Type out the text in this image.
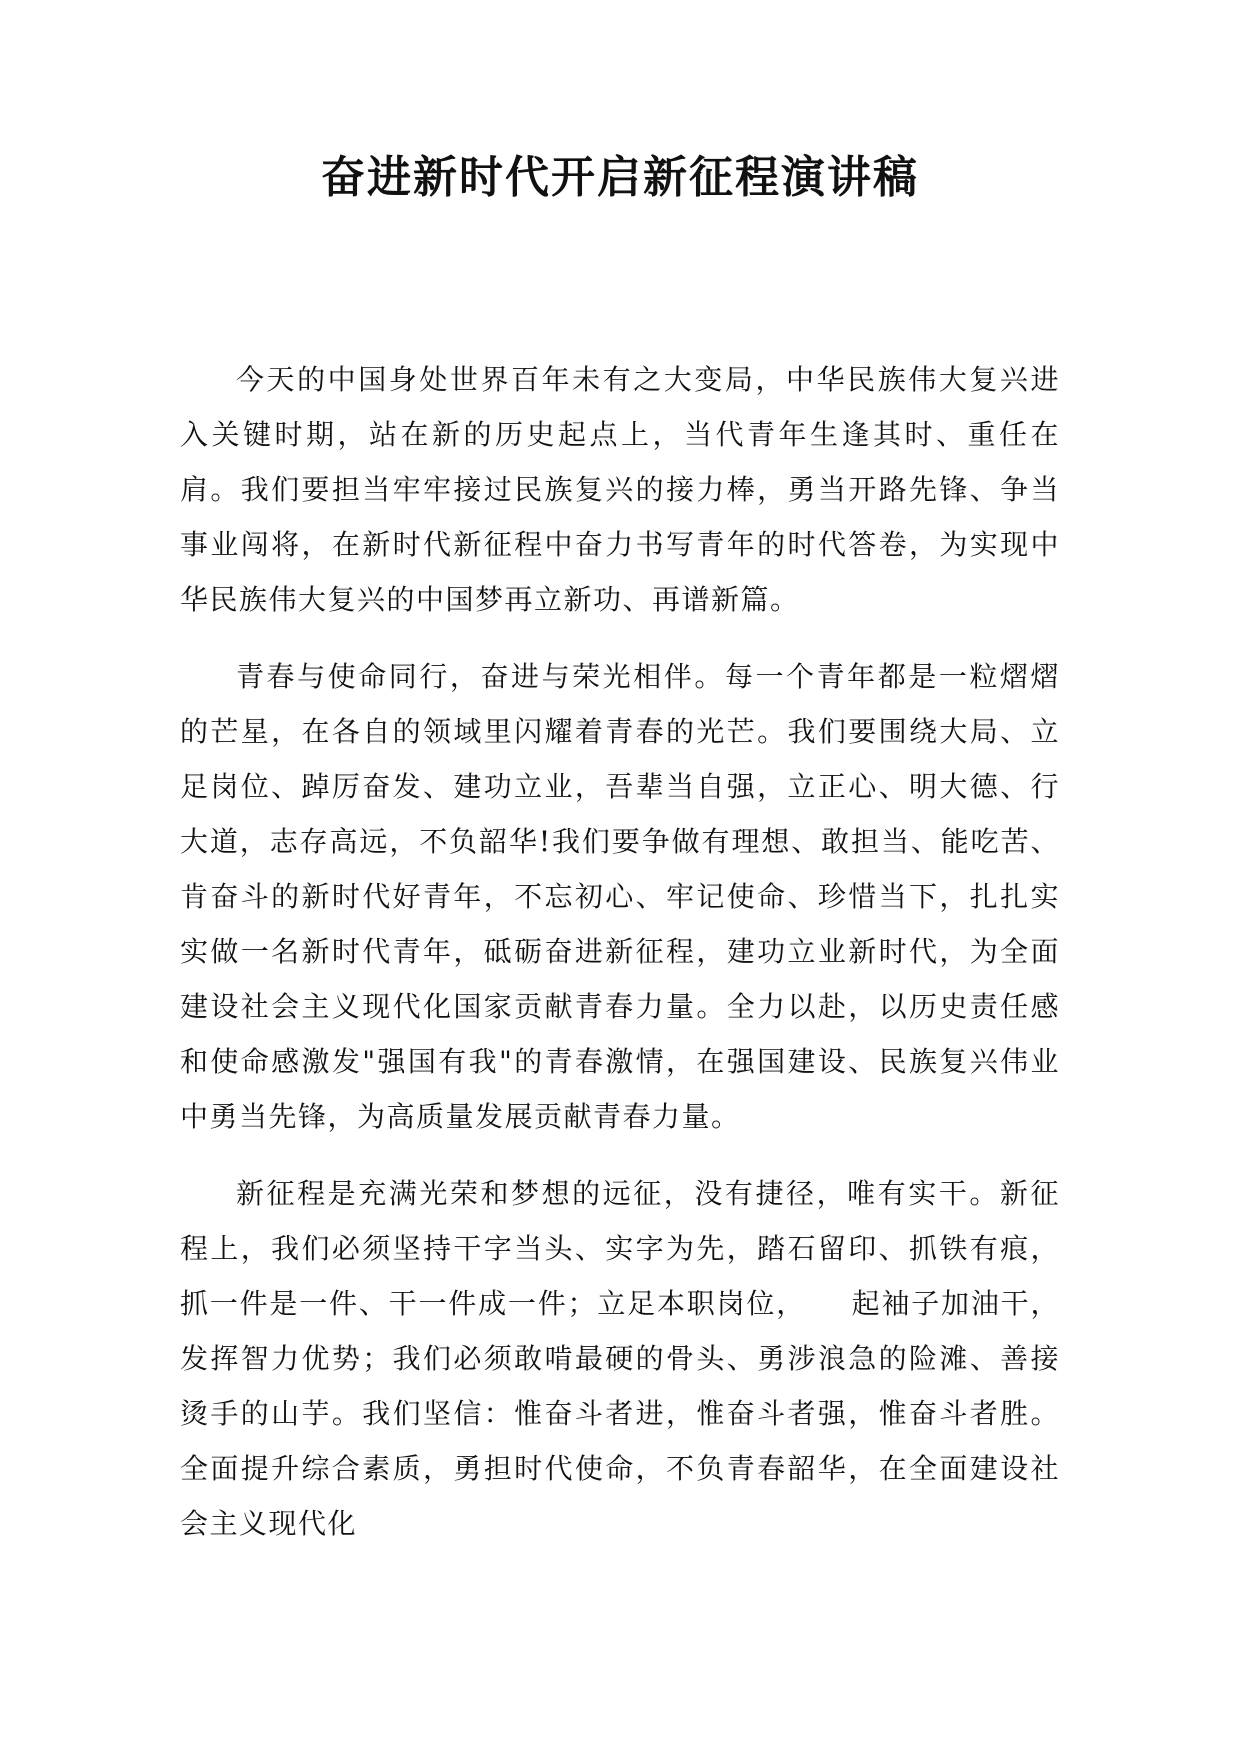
奋进新时代开启新征程演讲稿

今天的中国身处世界百年未有之大变局，中华民族伟大复兴进入关键时期，站在新的历史起点上，当代青年生逢其时、重任在肩。我们要担当牢牢接过民族复兴的接力棒，勇当开路先锋、争当事业闯将，在新时代新征程中奋力书写青年的时代答卷，为实现中华民族伟大复兴的中国梦再立新功、再谱新篇。

青春与使命同行，奋进与荣光相伴。每一个青年都是一粒熠熠的芒星，在各自的领域里闪耀着青春的光芒。我们要围绕大局、立足岗位、踔厉奋发、建功立业，吾辈当自强，立正心、明大德、行大道，志存高远，不负韶华!我们要争做有理想、敢担当、能吃苦、肯奋斗的新时代好青年，不忘初心、牢记使命、珍惜当下，扎扎实实做一名新时代青年，砥砺奋进新征程，建功立业新时代，为全面建设社会主义现代化国家贡献青春力量。全力以赴，以历史责任感和使命感激发"强国有我"的青春激情，在强国建设、民族复兴伟业中勇当先锋，为高质量发展贡献青春力量。

新征程是充满光荣和梦想的远征，没有捷径，唯有实干。新征程上，我们必须坚持干字当头、实字为先，踏石留印、抓铁有痕，抓一件是一件、干一件成一件；立足本职岗位，　　起袖子加油干，发挥智力优势；我们必须敢啃最硬的骨头、勇涉浪急的险滩、善接烫手的山芋。我们坚信：惟奋斗者进，惟奋斗者强，惟奋斗者胜。全面提升综合素质，勇担时代使命，不负青春韶华，在全面建设社会主义现代化
